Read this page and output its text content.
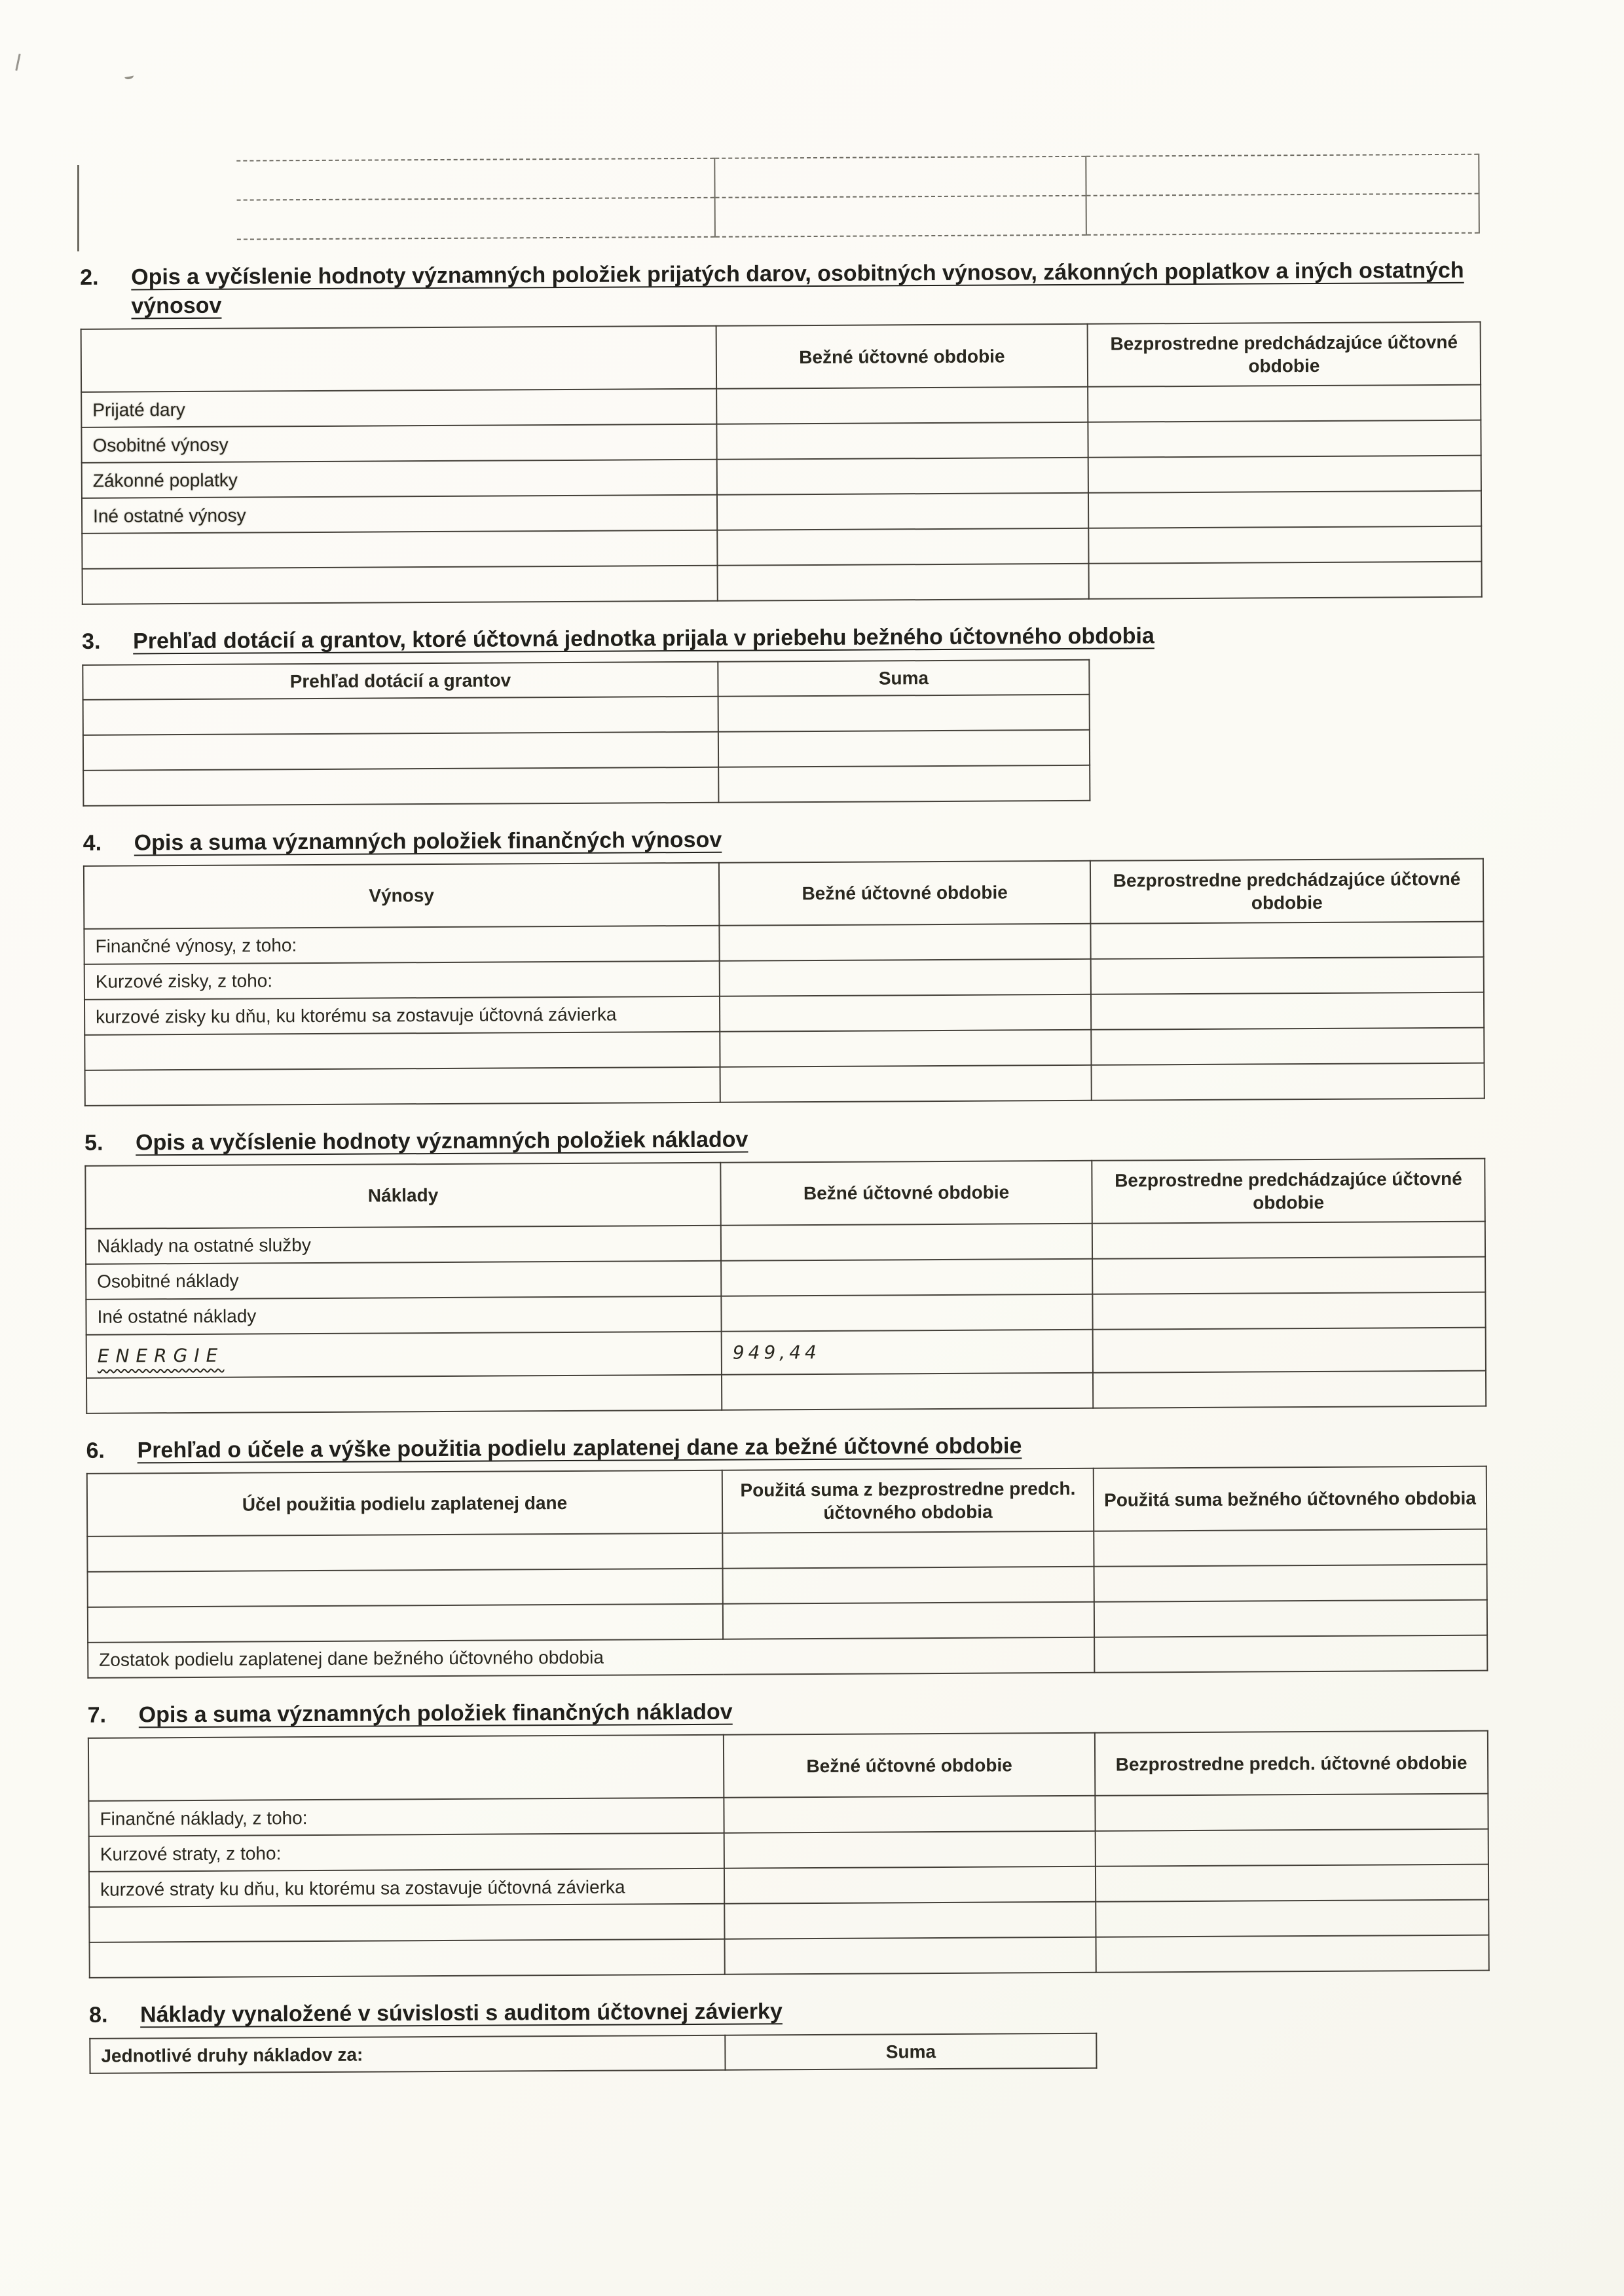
2.	Opis a vyčíslenie hodnoty významných položiek prijatých darov, osobitných výnosov, zákonných poplatkov a iných ostatných výnosov
	Bežné účtovné obdobie	Bezprostredne predchádzajúce účtovné obdobie
Prijaté dary		
Osobitné výnosy		
Zákonné poplatky		
Iné ostatné výnosy		

3.	Prehľad dotácií a grantov, ktoré účtovná jednotka prijala v priebehu bežného účtovného obdobia
Prehľad dotácií a grantov	Suma

4.	Opis a suma významných položiek finančných výnosov
Výnosy	Bežné účtovné obdobie	Bezprostredne predchádzajúce účtovné obdobie
Finančné výnosy, z toho:		
Kurzové zisky, z toho:		
kurzové zisky ku dňu, ku ktorému sa zostavuje účtovná závierka		

5.	Opis a vyčíslenie hodnoty významných položiek nákladov
Náklady	Bežné účtovné obdobie	Bezprostredne predchádzajúce účtovné obdobie
Náklady na ostatné služby		
Osobitné náklady		
Iné ostatné náklady		
ENERGIE	949,44	

6.	Prehľad o účele a výške použitia podielu zaplatenej dane za bežné účtovné obdobie
Účel použitia podielu zaplatenej dane	Použitá suma z bezprostredne predch. účtovného obdobia	Použitá suma bežného účtovného obdobia

Zostatok podielu zaplatenej dane bežného účtovného obdobia		
7.	Opis a suma významných položiek finančných nákladov
	Bežné účtovné obdobie	Bezprostredne predch. účtovné obdobie
Finančné náklady, z toho:		
Kurzové straty, z toho:		
kurzové straty ku dňu, ku ktorému sa zostavuje účtovná závierka		

8.	Náklady vynaložené v súvislosti s auditom účtovnej závierky
Jednotlivé druhy nákladov za:	Suma
